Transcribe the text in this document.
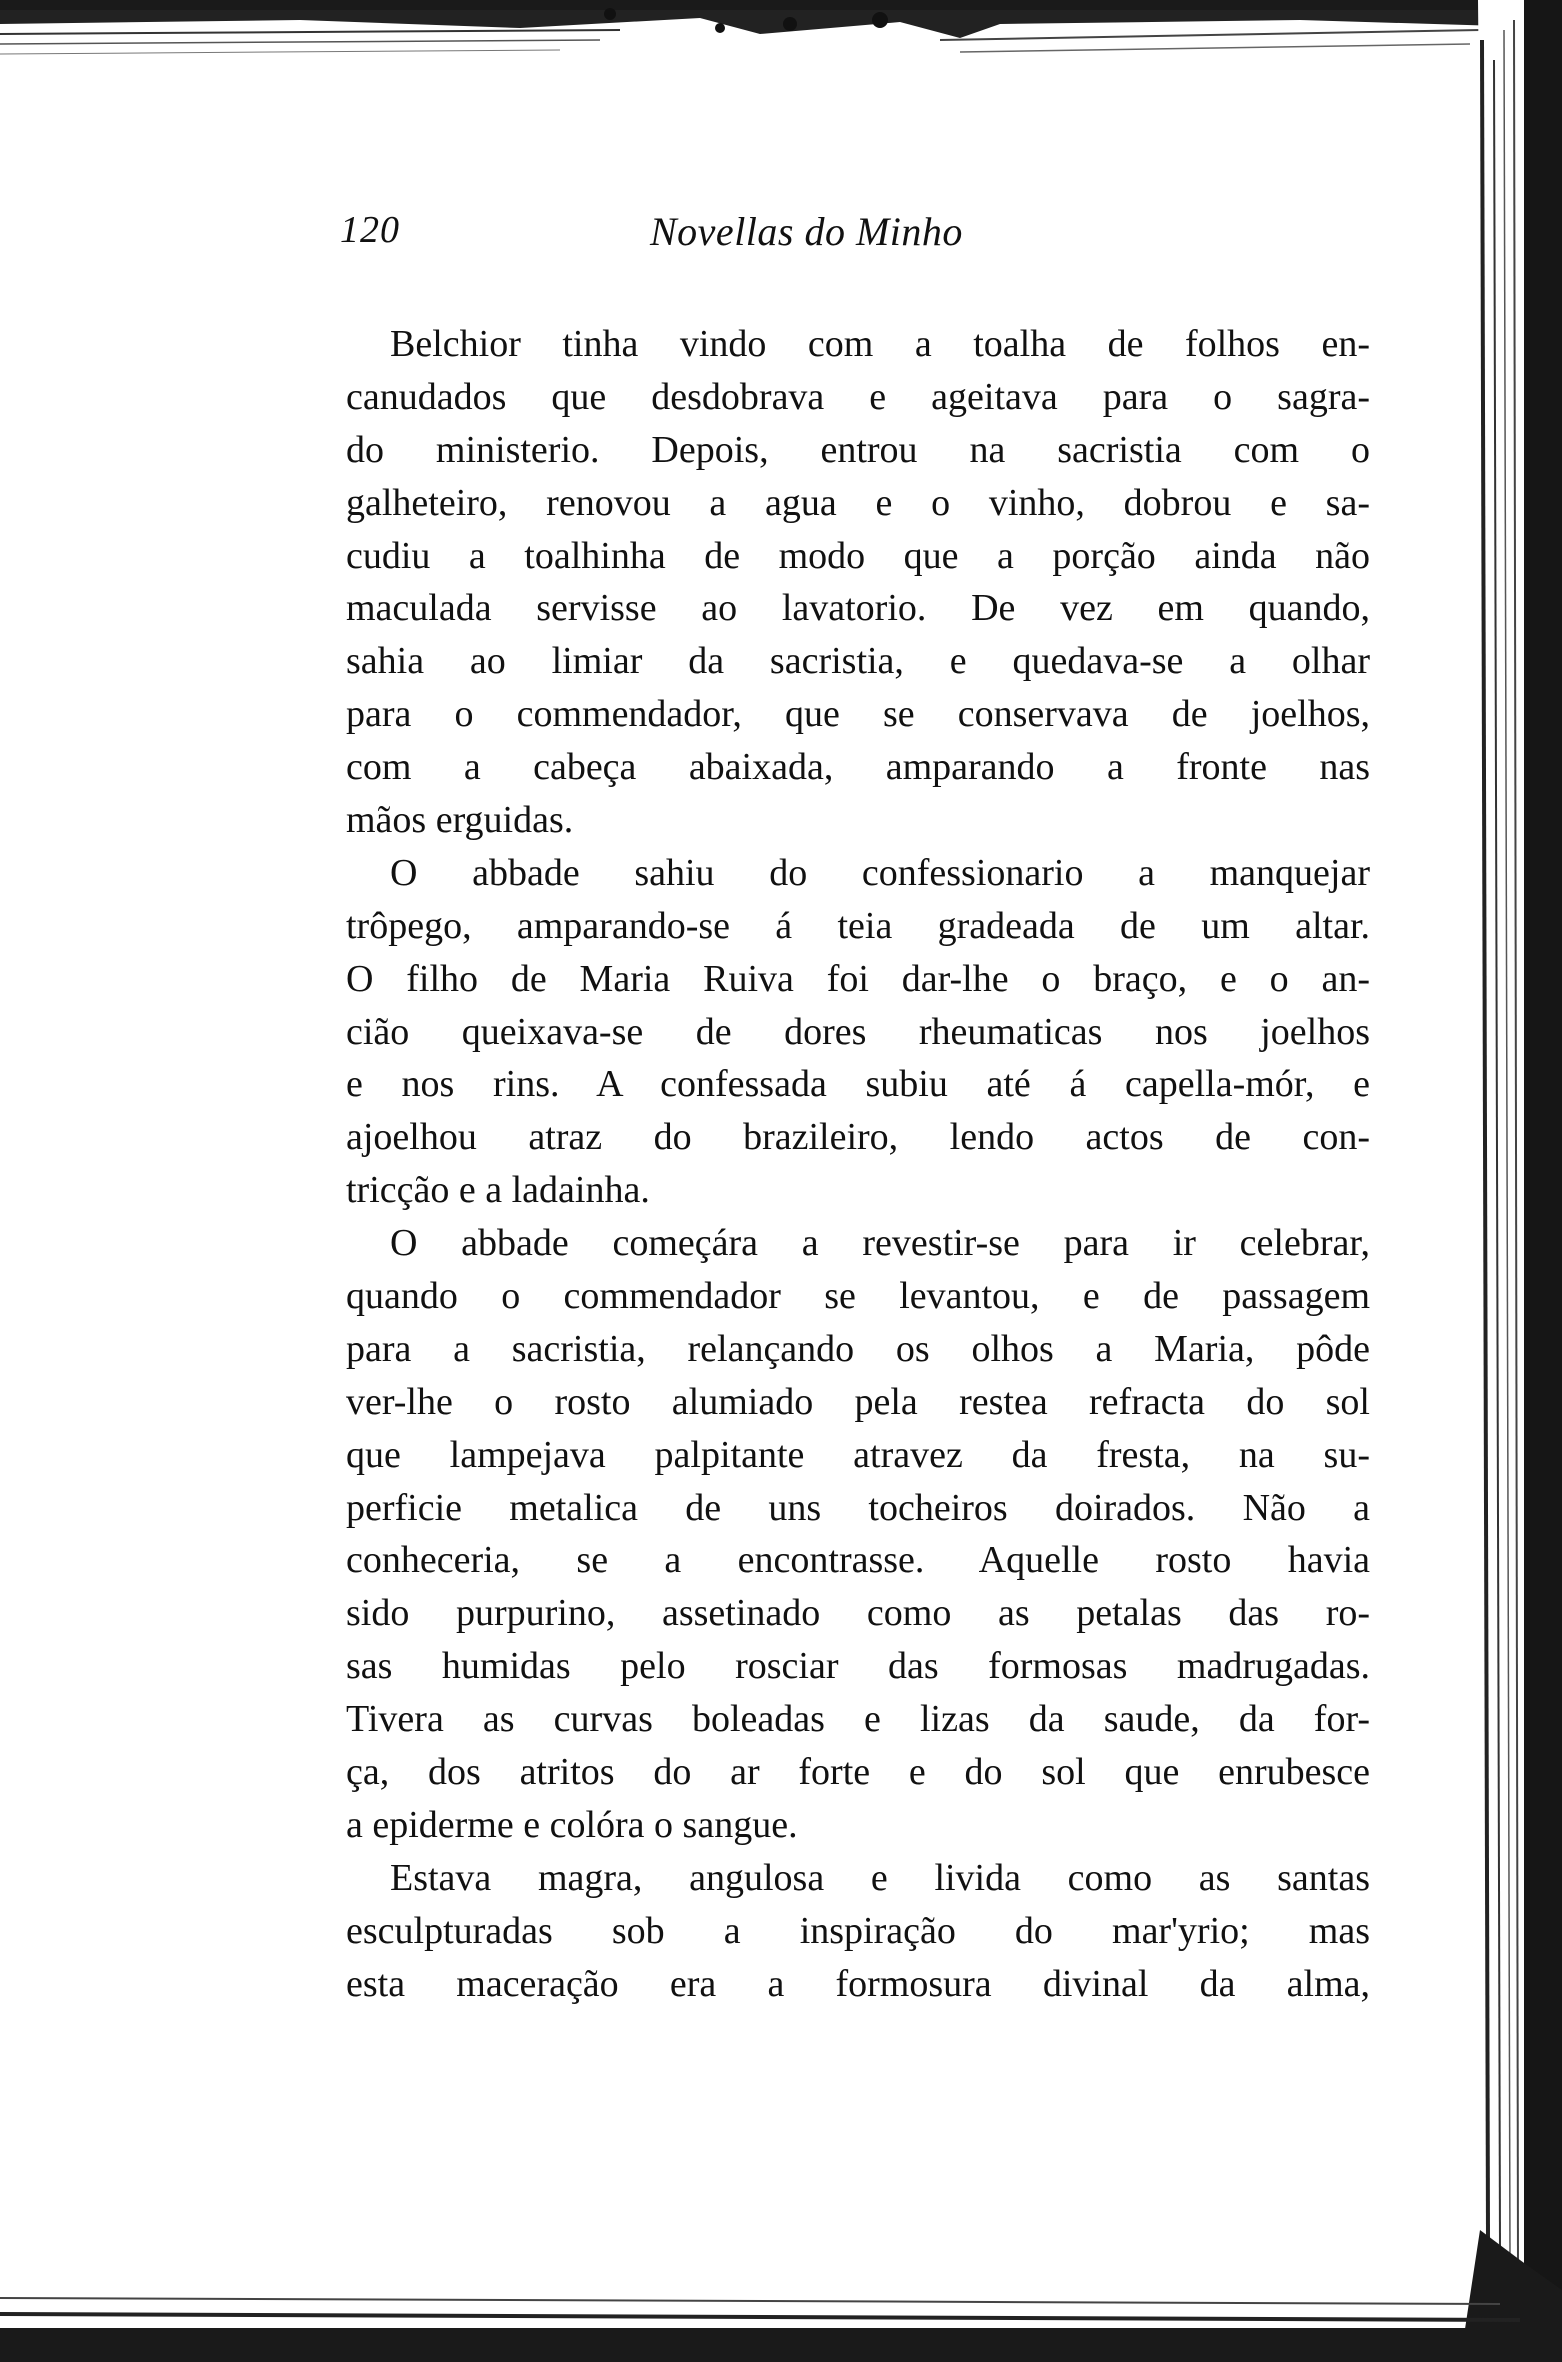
120	Novellas do Minho
Belchior tinha vindo com a toalha de folhos en-
canudados que desdobrava e ageitava para o sagra-
do ministerio. Depois, entrou na sacristia com o
galheteiro, renovou a agua e o vinho, dobrou e sa-
cudiu a toalhinha de modo que a porção ainda não
maculada servisse ao lavatorio. De vez em quando,
sahia ao limiar da sacristia, e quedava-se a olhar
para o commendador, que se conservava de joelhos,
com a cabeça abaixada, amparando a fronte nas
mãos erguidas.
O abbade sahiu do confessionario a manquejar
trôpego, amparando-se á teia gradeada de um altar.
O filho de Maria Ruiva foi dar-lhe o braço, e o an-
cião queixava-se de dores rheumaticas nos joelhos
e nos rins. A confessada subiu até á capella-mór, e
ajoelhou atraz do brazileiro, lendo actos de con-
tricção e a ladainha.
O abbade começára a revestir-se para ir celebrar,
quando o commendador se levantou, e de passagem
para a sacristia, relançando os olhos a Maria, pôde
ver-lhe o rosto alumiado pela restea refracta do sol
que lampejava palpitante atravez da fresta, na su-
perficie metalica de uns tocheiros doirados. Não a
conheceria, se a encontrasse. Aquelle rosto havia
sido purpurino, assetinado como as petalas das ro-
sas humidas pelo rosciar das formosas madrugadas.
Tivera as curvas boleadas e lizas da saude, da for-
ça, dos atritos do ar forte e do sol que enrubesce
a epiderme e colóra o sangue.
Estava magra, angulosa e livida como as santas
esculpturadas sob a inspiração do mar'yrio; mas
esta maceração era a formosura divinal da alma,
